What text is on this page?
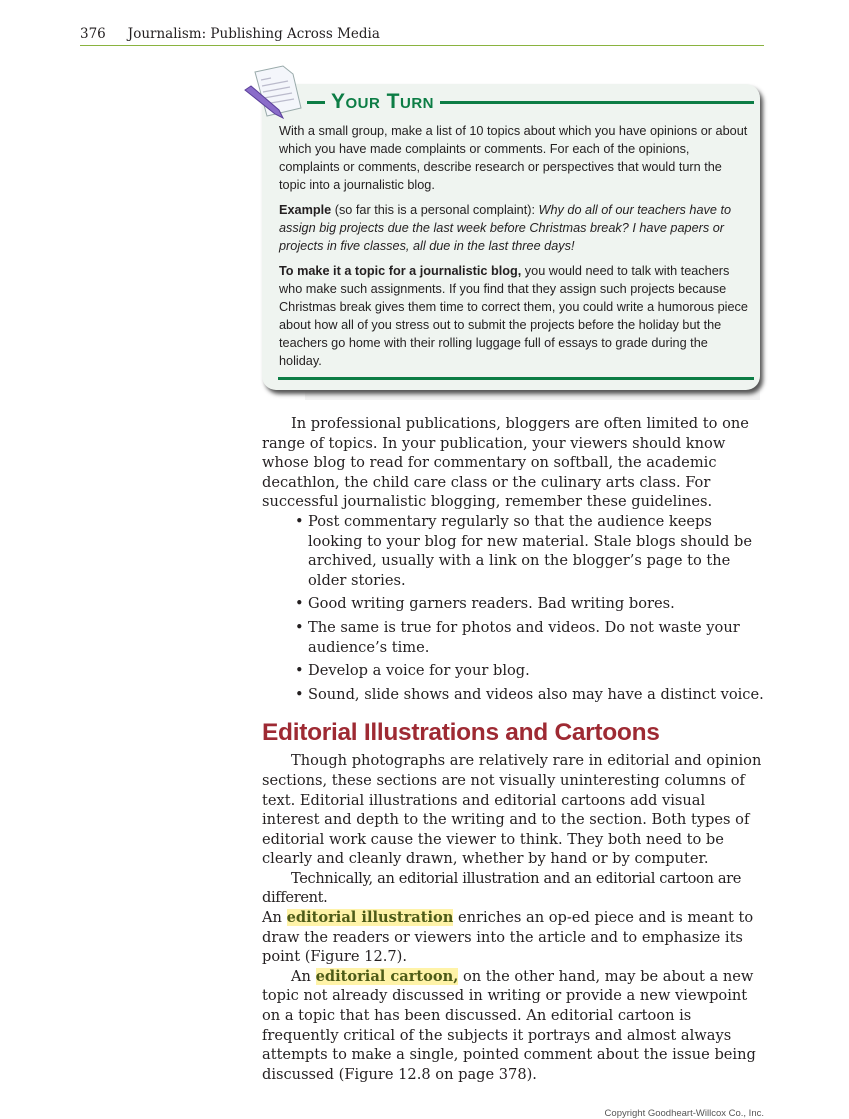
376 Journalism: Publishing Across Media
Your Turn

With a small group, make a list of 10 topics about which you have opinions or about which you have made complaints or comments. For each of the opinions, complaints or comments, describe research or perspectives that would turn the topic into a journalistic blog.

Example (so far this is a personal complaint): Why do all of our teachers have to assign big projects due the last week before Christmas break? I have papers or projects in five classes, all due in the last three days!

To make it a topic for a journalistic blog, you would need to talk with teachers who make such assignments. If you find that they assign such projects because Christmas break gives them time to correct them, you could write a humorous piece about how all of you stress out to submit the projects before the holiday but the teachers go home with their rolling luggage full of essays to grade during the holiday.

In professional publications, bloggers are often limited to one range of topics. In your publication, your viewers should know whose blog to read for commentary on softball, the academic decathlon, the child care class or the culinary arts class. For successful journalistic blogging, remember these guidelines.

• Post commentary regularly so that the audience keeps looking to your blog for new material. Stale blogs should be archived, usually with a link on the blogger’s page to the older stories.
• Good writing garners readers. Bad writing bores.
• The same is true for photos and videos. Do not waste your audience’s time.
• Develop a voice for your blog.
• Sound, slide shows and videos also may have a distinct voice.
Editorial Illustrations and Cartoons

Though photographs are relatively rare in editorial and opinion sections, these sections are not visually uninteresting columns of text. Editorial illustrations and editorial cartoons add visual interest and depth to the writing and to the section. Both types of editorial work cause the viewer to think. They both need to be clearly and cleanly drawn, whether by hand or by computer.

Technically, an editorial illustration and an editorial cartoon are different.

An editorial illustration enriches an op-ed piece and is meant to draw the readers or viewers into the article and to emphasize its point (Figure 12.7).

An editorial cartoon, on the other hand, may be about a new topic not already discussed in writing or provide a new viewpoint on a topic that has been discussed. An editorial cartoon is frequently critical of the subjects it portrays and almost always attempts to make a single, pointed comment about the issue being discussed (Figure 12.8 on page 378).

Copyright Goodheart-Willcox Co., Inc.
